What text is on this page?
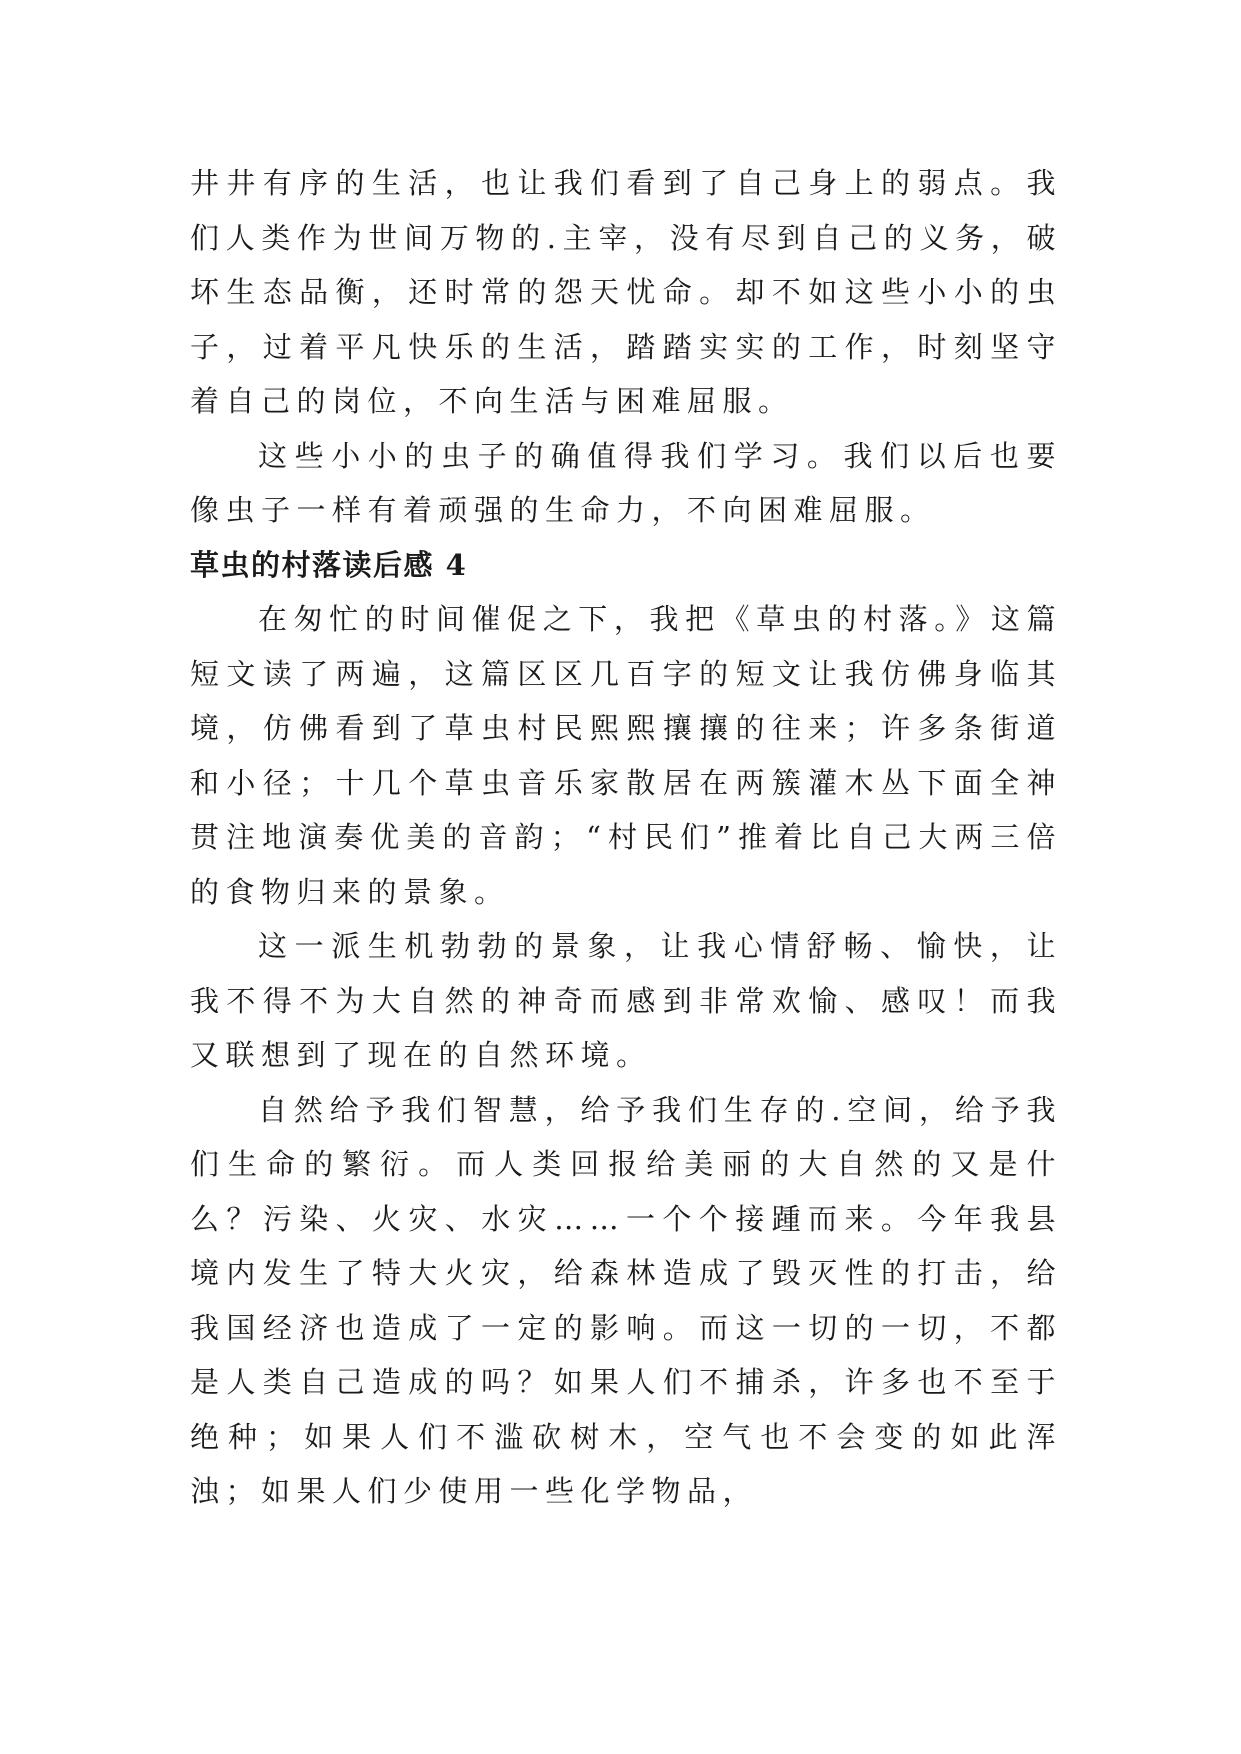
井井有序的生活，也让我们看到了自己身上的弱点。我们人类作为世间万物的.主宰，没有尽到自己的义务，破坏生态品衡，还时常的怨天忧命。却不如这些小小的虫子，过着平凡快乐的生活，踏踏实实的工作，时刻坚守着自己的岗位，不向生活与困难屈服。

这些小小的虫子的确值得我们学习。我们以后也要像虫子一样有着顽强的生命力，不向困难屈服。

草虫的村落读后感 4

在匆忙的时间催促之下，我把《草虫的村落。》这篇短文读了两遍，这篇区区几百字的短文让我仿佛身临其境，仿佛看到了草虫村民熙熙攘攘的往来；许多条街道和小径；十几个草虫音乐家散居在两簇灌木丛下面全神贯注地演奏优美的音韵；“村民们”推着比自己大两三倍的食物归来的景象。

这一派生机勃勃的景象，让我心情舒畅、愉快，让我不得不为大自然的神奇而感到非常欢愉、感叹！而我又联想到了现在的自然环境。

自然给予我们智慧，给予我们生存的.空间，给予我们生命的繁衍。而人类回报给美丽的大自然的又是什么？污染、火灾、水灾……一个个接踵而来。今年我县境内发生了特大火灾，给森林造成了毁灭性的打击，给我国经济也造成了一定的影响。而这一切的一切，不都是人类自己造成的吗？如果人们不捕杀，许多也不至于绝种；如果人们不滥砍树木，空气也不会变的如此浑浊；如果人们少使用一些化学物品，
